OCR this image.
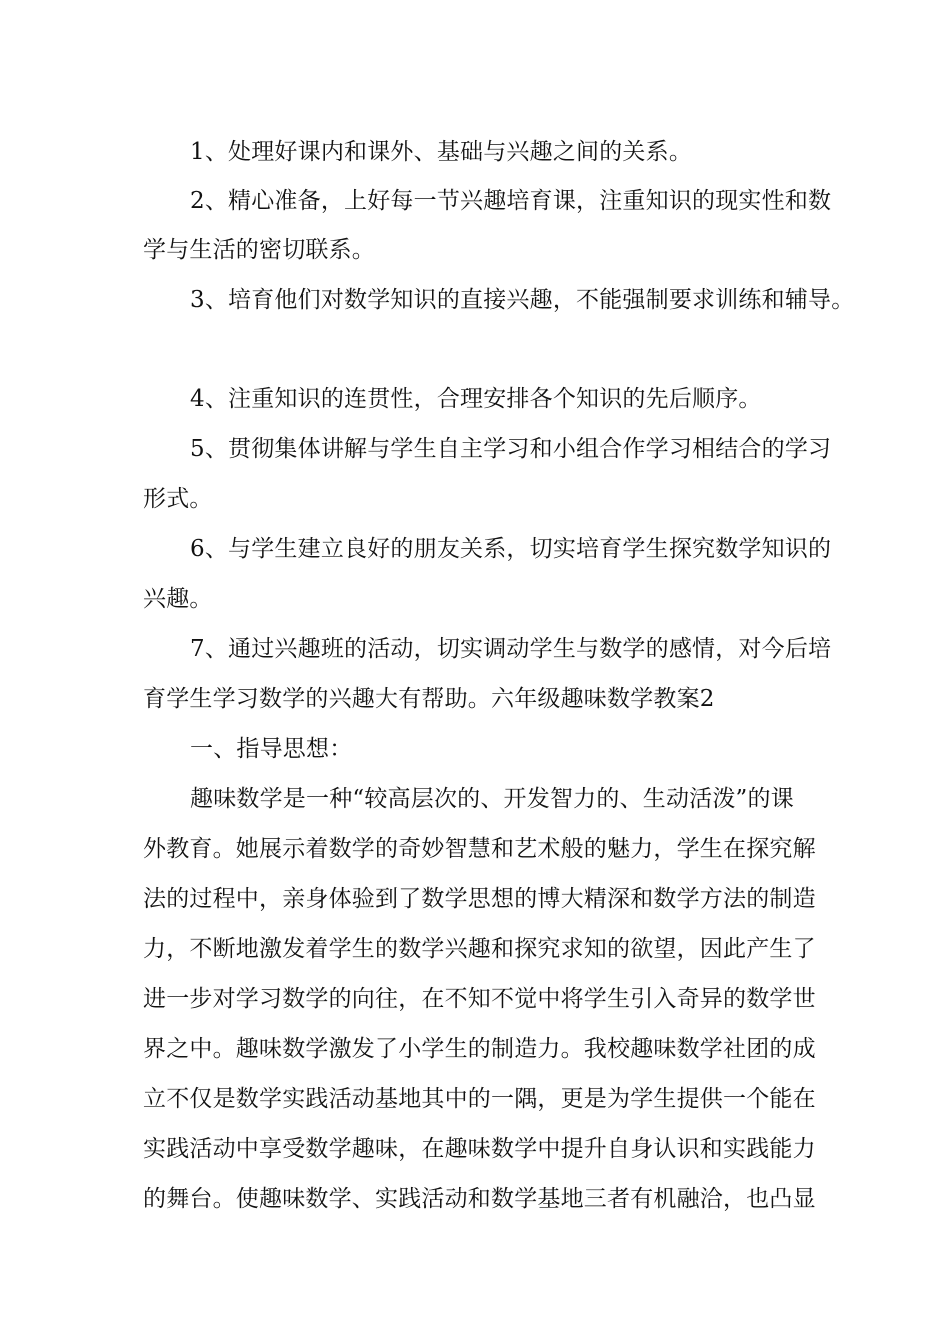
1、处理好课内和课外、基础与兴趣之间的关系。
2、精心准备，上好每一节兴趣培育课，注重知识的现实性和数
学与生活的密切联系。
3、培育他们对数学知识的直接兴趣，不能强制要求训练和辅导。
4、注重知识的连贯性，合理安排各个知识的先后顺序。
5、贯彻集体讲解与学生自主学习和小组合作学习相结合的学习
形式。
6、与学生建立良好的朋友关系，切实培育学生探究数学知识的
兴趣。
7、通过兴趣班的活动，切实调动学生与数学的感情，对今后培
育学生学习数学的兴趣大有帮助。六年级趣味数学教案2
一、指导思想：
趣味数学是一种“较高层次的、开发智力的、生动活泼”的课
外教育。她展示着数学的奇妙智慧和艺术般的魅力，学生在探究解
法的过程中，亲身体验到了数学思想的博大精深和数学方法的制造
力，不断地激发着学生的数学兴趣和探究求知的欲望，因此产生了
进一步对学习数学的向往，在不知不觉中将学生引入奇异的数学世
界之中。趣味数学激发了小学生的制造力。我校趣味数学社团的成
立不仅是数学实践活动基地其中的一隅，更是为学生提供一个能在
实践活动中享受数学趣味，在趣味数学中提升自身认识和实践能力
的舞台。使趣味数学、实践活动和数学基地三者有机融洽，也凸显
